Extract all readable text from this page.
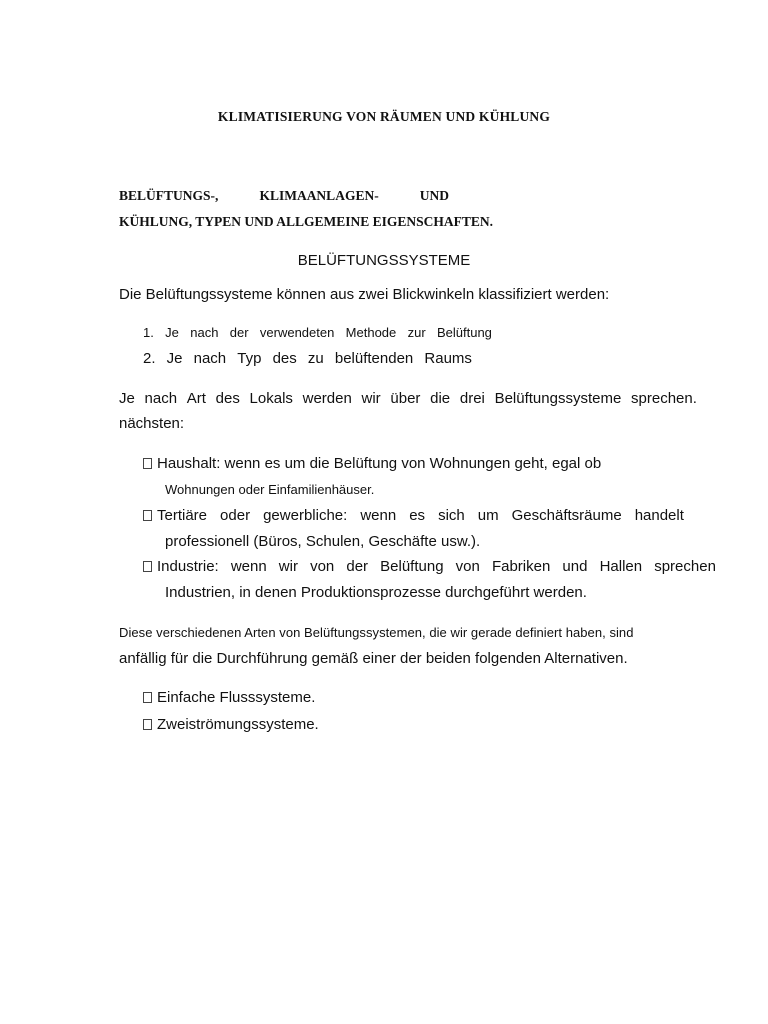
KLIMATISIERUNG VON RÄUMEN UND KÜHLUNG
BELÜFTUNGS-,	KLIMAANLAGEN-	UND
KÜHLUNG, TYPEN UND ALLGEMEINE EIGENSCHAFTEN.
BELÜFTUNGSSYSTEME
Die Belüftungssysteme können aus zwei Blickwinkeln klassifiziert werden:
1. Je nach der verwendeten Methode zur Belüftung
2. Je nach Typ des zu belüftenden Raums
Je nach Art des Lokals werden wir über die drei Belüftungssysteme sprechen.
nächsten:
Haushalt: wenn es um die Belüftung von Wohnungen geht, egal ob
Wohnungen oder Einfamilienhäuser.
Tertiäre oder gewerbliche: wenn es sich um Geschäftsräume handelt
professionell (Büros, Schulen, Geschäfte usw.).
Industrie: wenn wir von der Belüftung von Fabriken und Hallen sprechen
Industrien, in denen Produktionsprozesse durchgeführt werden.
Diese verschiedenen Arten von Belüftungssystemen, die wir gerade definiert haben, sind
anfällig für die Durchführung gemäß einer der beiden folgenden Alternativen.
Einfache Flusssysteme.
Zweiströmungssysteme.
